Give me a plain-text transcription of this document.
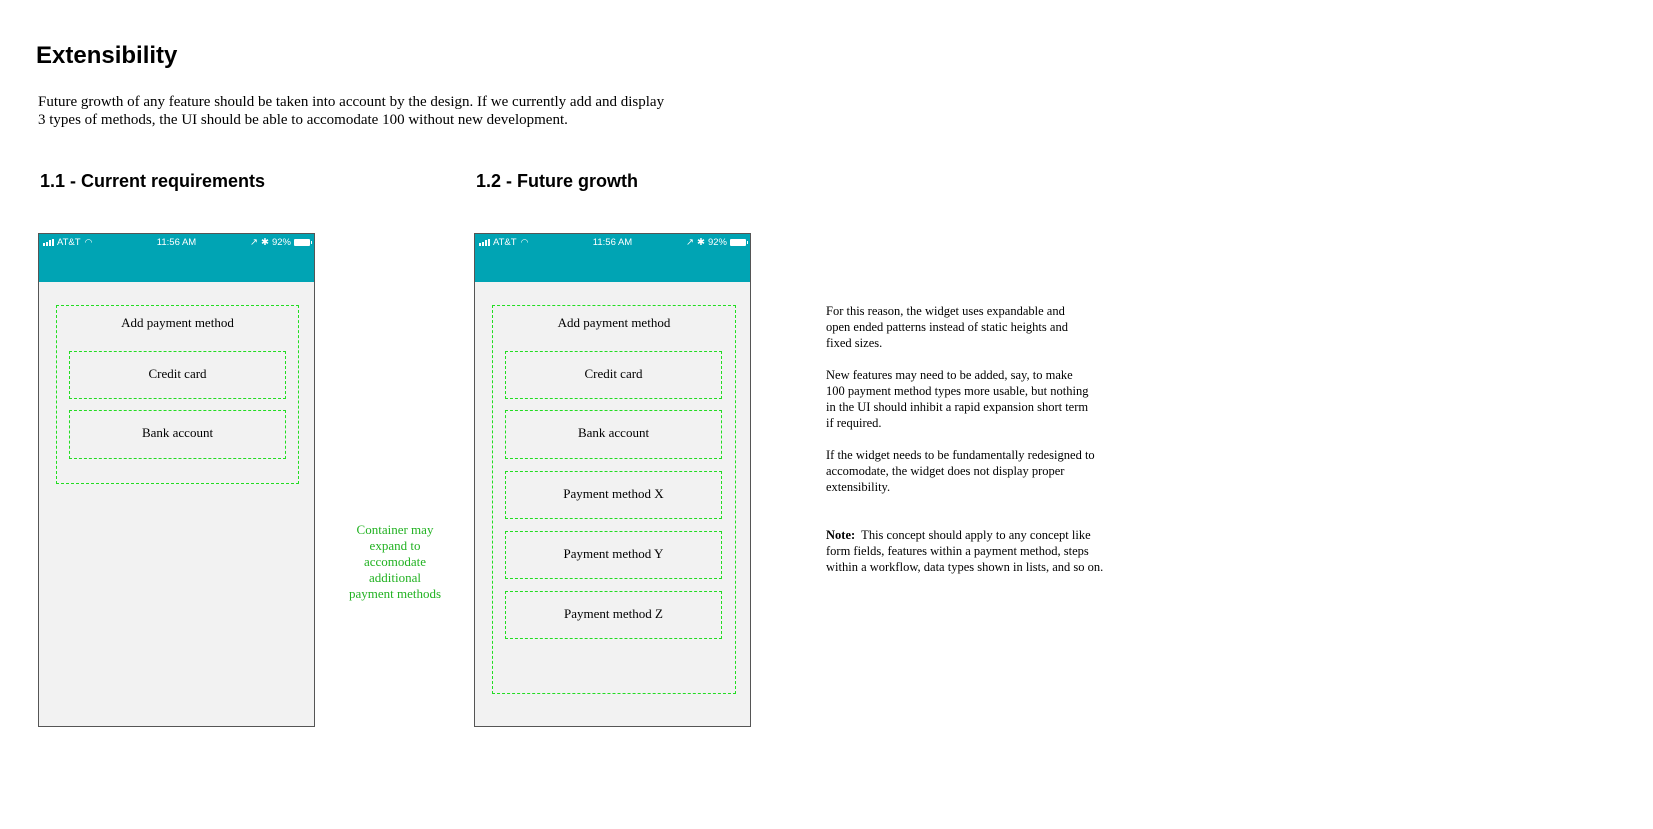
Extensibility
Future growth of any feature should be taken into account by the design. If we currently add and display
3 types of methods, the UI should be able to accomodate 100 without new development.
1.1 - Current requirements	1.2 - Future growth
AT&T ◠	11:56 AM	↗ ✱ 92%
Add payment method
Credit card
Bank account
Container may
expand to
accomodate
additional
payment methods
AT&T ◠	11:56 AM	↗ ✱ 92%
Add payment method
Credit card
Bank account
Payment method X
Payment method Y
Payment method Z

For this reason, the widget uses expandable and
open ended patterns instead of static heights and
fixed sizes.

New features may need to be added, say, to make
100 payment method types more usable, but nothing
in the UI should inhibit a rapid expansion short term
if required.

If the widget needs to be fundamentally redesigned to
accomodate, the widget does not display proper
extensibility.

Note:  This concept should apply to any concept like
form fields, features within a payment method, steps
within a workflow, data types shown in lists, and so on.
